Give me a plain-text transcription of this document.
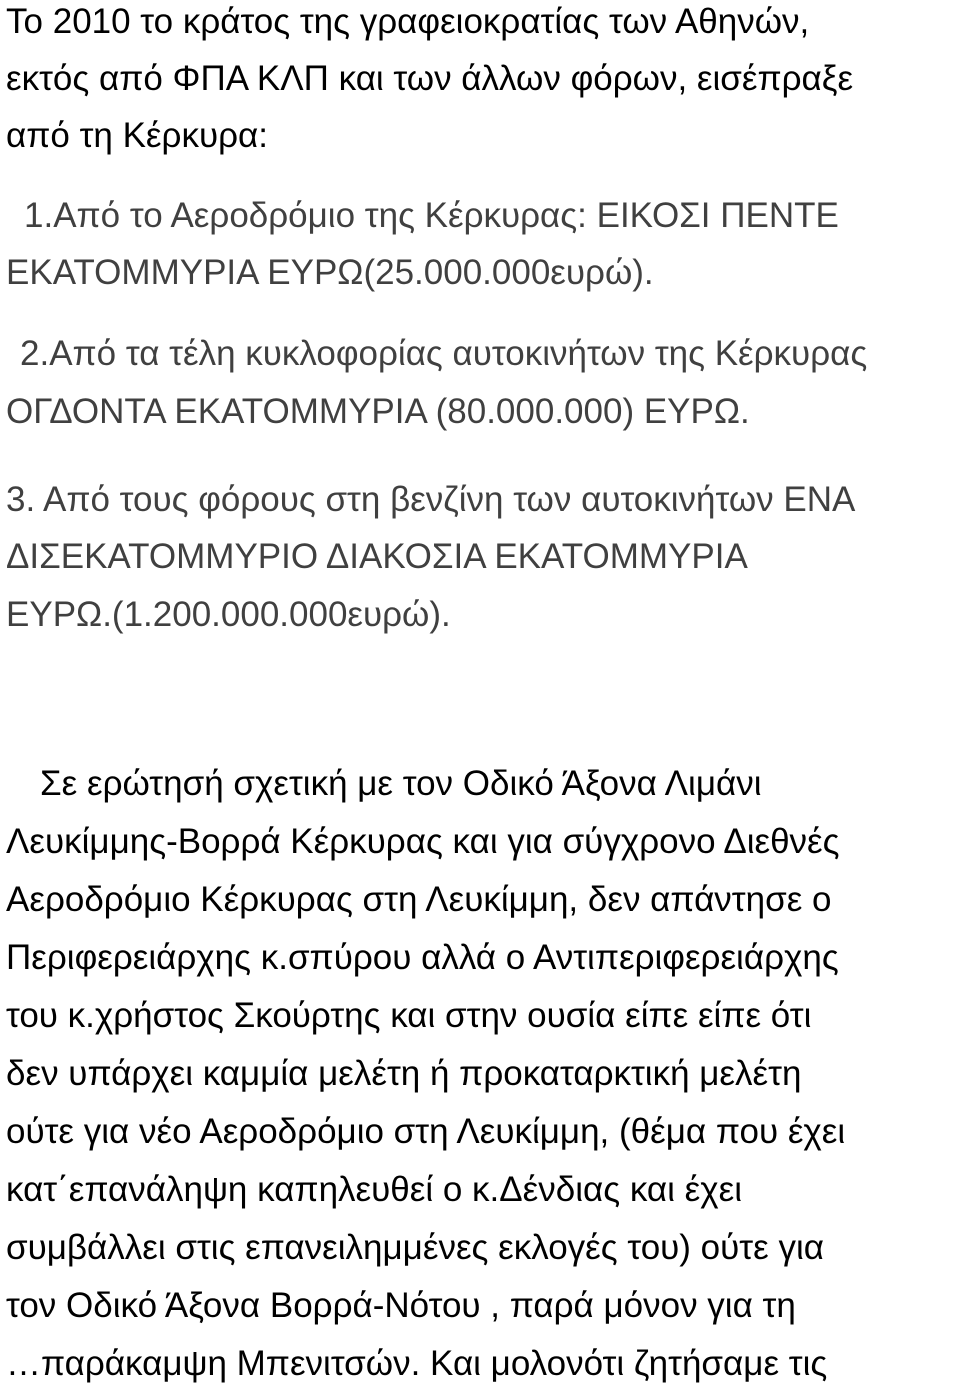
Το 2010 το κράτος της γραφειοκρατίας των Αθηνών,
εκτός από ΦΠΑ ΚΛΠ και των άλλων φόρων, εισέπραξε
από τη Κέρκυρα:
1.Από το Αεροδρόμιο της Κέρκυρας: ΕΙΚΟΣΙ ΠΕΝΤΕ
ΕΚΑΤΟΜΜΥΡΙΑ ΕΥΡΩ(25.000.000ευρώ).
2.Από τα τέλη κυκλοφορίας αυτοκινήτων της Κέρκυρας
ΟΓΔΟΝΤΑ ΕΚΑΤΟΜΜΥΡΙΑ (80.000.000) ΕΥΡΩ.
3. Από τους φόρους στη βενζίνη των αυτοκινήτων ΕΝΑ
ΔΙΣΕΚΑΤΟΜΜΥΡΙΟ ΔΙΑΚΟΣΙΑ ΕΚΑΤΟΜΜΥΡΙΑ
ΕΥΡΩ.(1.200.000.000ευρώ).
Σε ερώτησή σχετική με τον Οδικό Άξονα Λιμάνι
Λευκίμμης-Βορρά Κέρκυρας και για σύγχρονο Διεθνές
Αεροδρόμιο Κέρκυρας στη Λευκίμμη, δεν απάντησε ο
Περιφερειάρχης κ.σπύρου αλλά ο Αντιπεριφερειάρχης
του κ.χρήστος Σκούρτης και στην ουσία είπε είπε ότι
δεν υπάρχει καμμία μελέτη ή προκαταρκτική μελέτη
ούτε για νέο Αεροδρόμιο στη Λευκίμμη, (θέμα που έχει
κατ΄επανάληψη καπηλευθεί ο κ.Δένδιας και έχει
συμβάλλει στις επανειλημμένες εκλογές του) ούτε για
τον Οδικό Άξονα Βορρά-Νότου , παρά μόνον για τη
…παράκαμψη Μπενιτσών. Και μολονότι ζητήσαμε τις
